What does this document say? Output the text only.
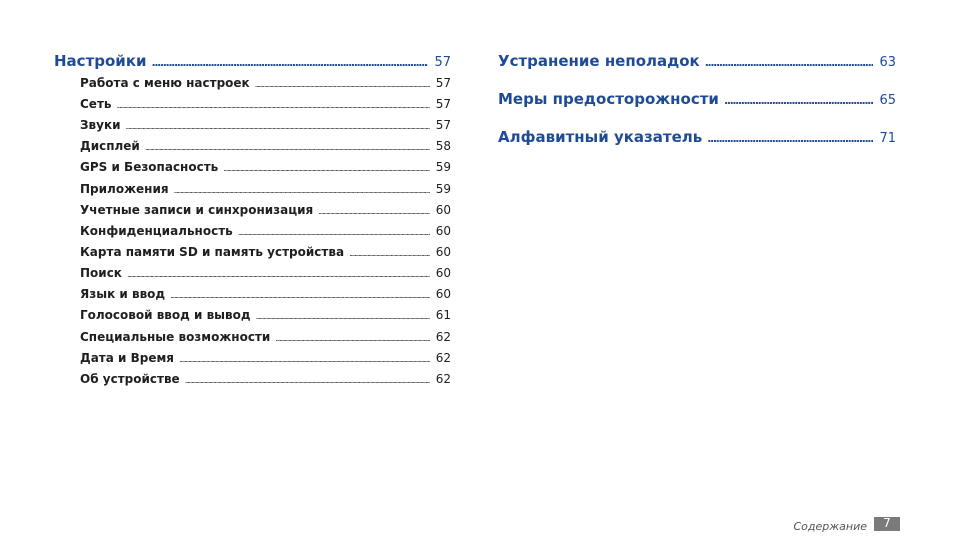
Настройки . . .	57
Работа с меню настроек . . .	57
Сеть . . .	57
Звуки . . .	57
Дисплей . . .	58
GPS и Безопасность . . .	59
Приложения . . .	59
Учетные записи и синхронизация . . .	60
Конфиденциальность . . .	60
Карта памяти SD и память устройства . . .	60
Поиск . . .	60
Язык и ввод . . .	60
Голосовой ввод и вывод . . .	61
Специальные возможности . . .	62
Дата и Время . . .	62
Об устройстве . . .	62
Устранение неполадок . . .	63
Меры предосторожности . . .	65
Алфавитный указатель . . .	71
Содержание	7
